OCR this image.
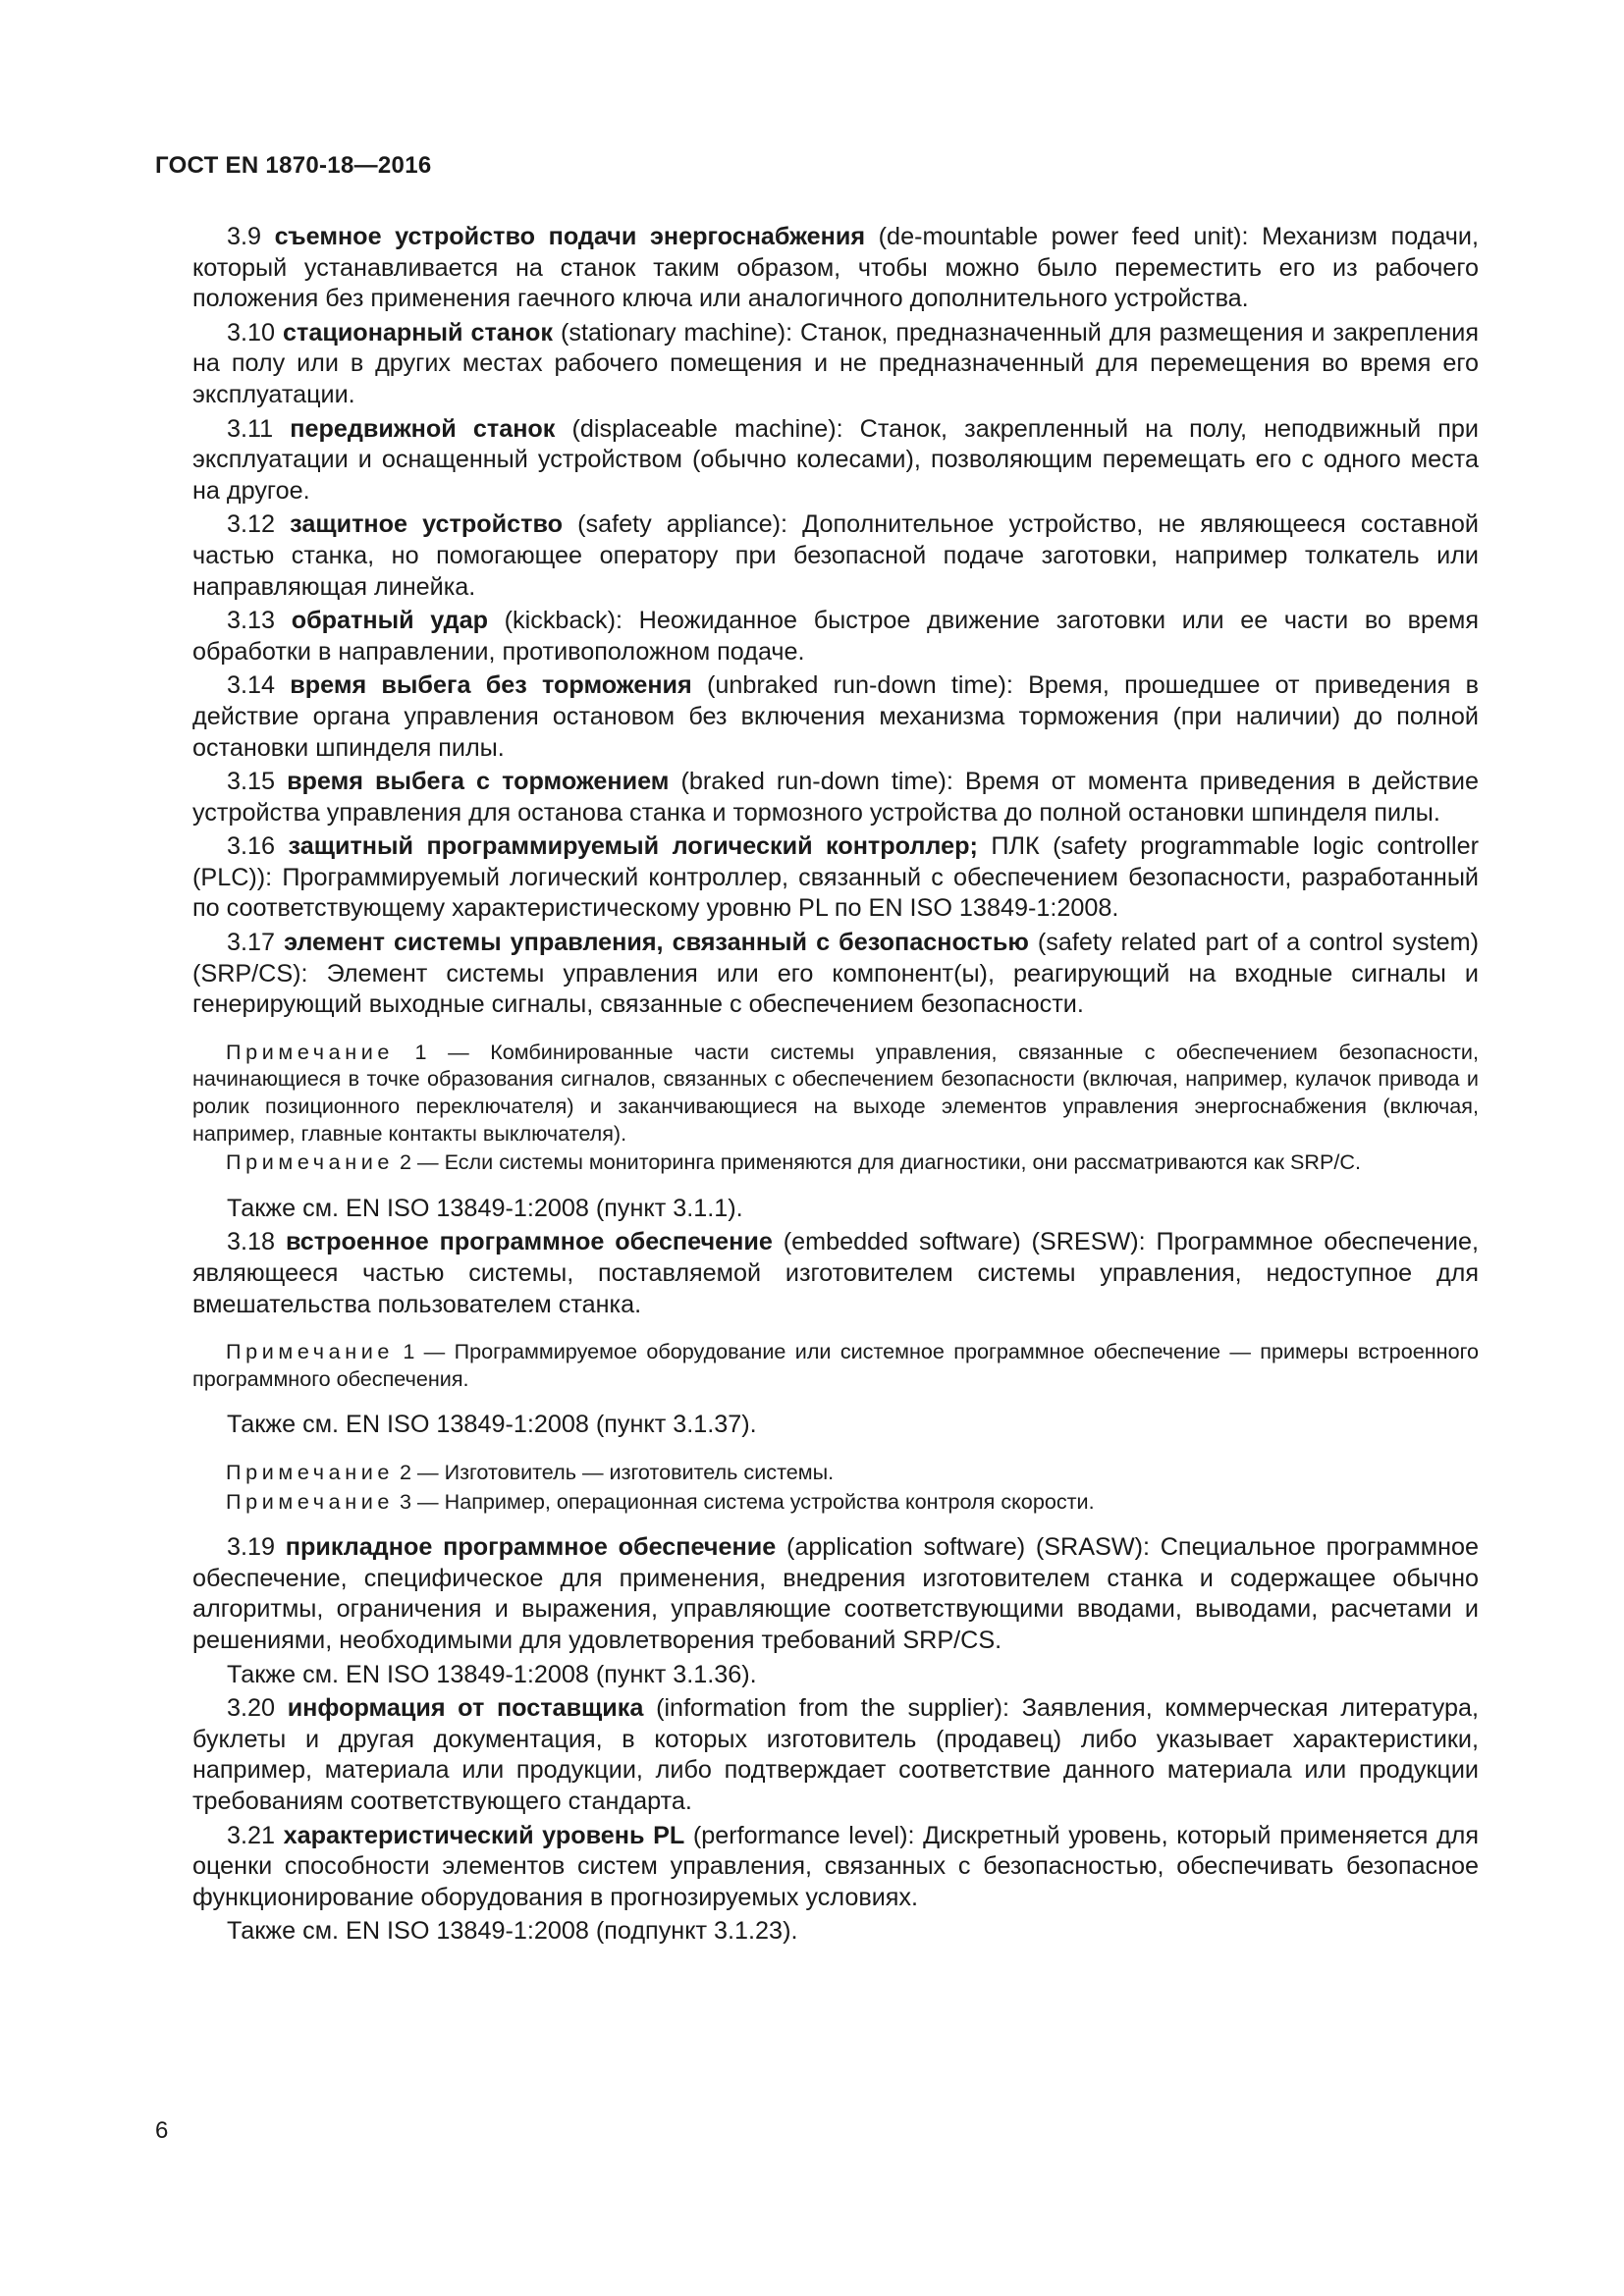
ГОСТ EN 1870-18—2016

3.9 съемное устройство подачи энергоснабжения (de-mountable power feed unit): Механизм подачи, который устанавливается на станок таким образом, чтобы можно было переместить его из рабочего положения без применения гаечного ключа или аналогичного дополнительного устройства.

3.10 стационарный станок (stationary machine): Станок, предназначенный для размещения и закрепления на полу или в других местах рабочего помещения и не предназначенный для перемещения во время его эксплуатации.

3.11 передвижной станок (displaceable machine): Станок, закрепленный на полу, неподвижный при эксплуатации и оснащенный устройством (обычно колесами), позволяющим перемещать его с одного места на другое.

3.12 защитное устройство (safety appliance): Дополнительное устройство, не являющееся составной частью станка, но помогающее оператору при безопасной подаче заготовки, например толкатель или направляющая линейка.

3.13 обратный удар (kickback): Неожиданное быстрое движение заготовки или ее части во время обработки в направлении, противоположном подаче.

3.14 время выбега без торможения (unbraked run-down time): Время, прошедшее от приведения в действие органа управления остановом без включения механизма торможения (при наличии) до полной остановки шпинделя пилы.

3.15 время выбега с торможением (braked run-down time): Время от момента приведения в действие устройства управления для останова станка и тормозного устройства до полной остановки шпинделя пилы.

3.16 защитный программируемый логический контроллер; ПЛК (safety programmable logic controller (PLC)): Программируемый логический контроллер, связанный с обеспечением безопасности, разработанный по соответствующему характеристическому уровню PL по EN ISO 13849-1:2008.

3.17 элемент системы управления, связанный с безопасностью (safety related part of a control system) (SRP/CS): Элемент системы управления или его компонент(ы), реагирующий на входные сигналы и генерирующий выходные сигналы, связанные с обеспечением безопасности.

Примечание 1 — Комбинированные части системы управления, связанные с обеспечением безопасности, начинающиеся в точке образования сигналов, связанных с обеспечением безопасности (включая, например, кулачок привода и ролик позиционного переключателя) и заканчивающиеся на выходе элементов управления энергоснабжения (включая, например, главные контакты выключателя).

Примечание 2 — Если системы мониторинга применяются для диагностики, они рассматриваются как SRP/C.

Также см. EN ISO 13849-1:2008 (пункт 3.1.1).

3.18 встроенное программное обеспечение (embedded software) (SRESW): Программное обеспечение, являющееся частью системы, поставляемой изготовителем системы управления, недоступное для вмешательства пользователем станка.

Примечание 1 — Программируемое оборудование или системное программное обеспечение — примеры встроенного программного обеспечения.

Также см. EN ISO 13849-1:2008 (пункт 3.1.37).

Примечание 2 — Изготовитель — изготовитель системы.

Примечание 3 — Например, операционная система устройства контроля скорости.

3.19 прикладное программное обеспечение (application software) (SRASW): Специальное программное обеспечение, специфическое для применения, внедрения изготовителем станка и содержащее обычно алгоритмы, ограничения и выражения, управляющие соответствующими вводами, выводами, расчетами и решениями, необходимыми для удовлетворения требований SRP/CS.

Также см. EN ISO 13849-1:2008 (пункт 3.1.36).

3.20 информация от поставщика (information from the supplier): Заявления, коммерческая литература, буклеты и другая документация, в которых изготовитель (продавец) либо указывает характеристики, например, материала или продукции, либо подтверждает соответствие данного материала или продукции требованиям соответствующего стандарта.

3.21 характеристический уровень PL (performance level): Дискретный уровень, который применяется для оценки способности элементов систем управления, связанных с безопасностью, обеспечивать безопасное функционирование оборудования в прогнозируемых условиях.

Также см. EN ISO 13849-1:2008 (подпункт 3.1.23).

6
